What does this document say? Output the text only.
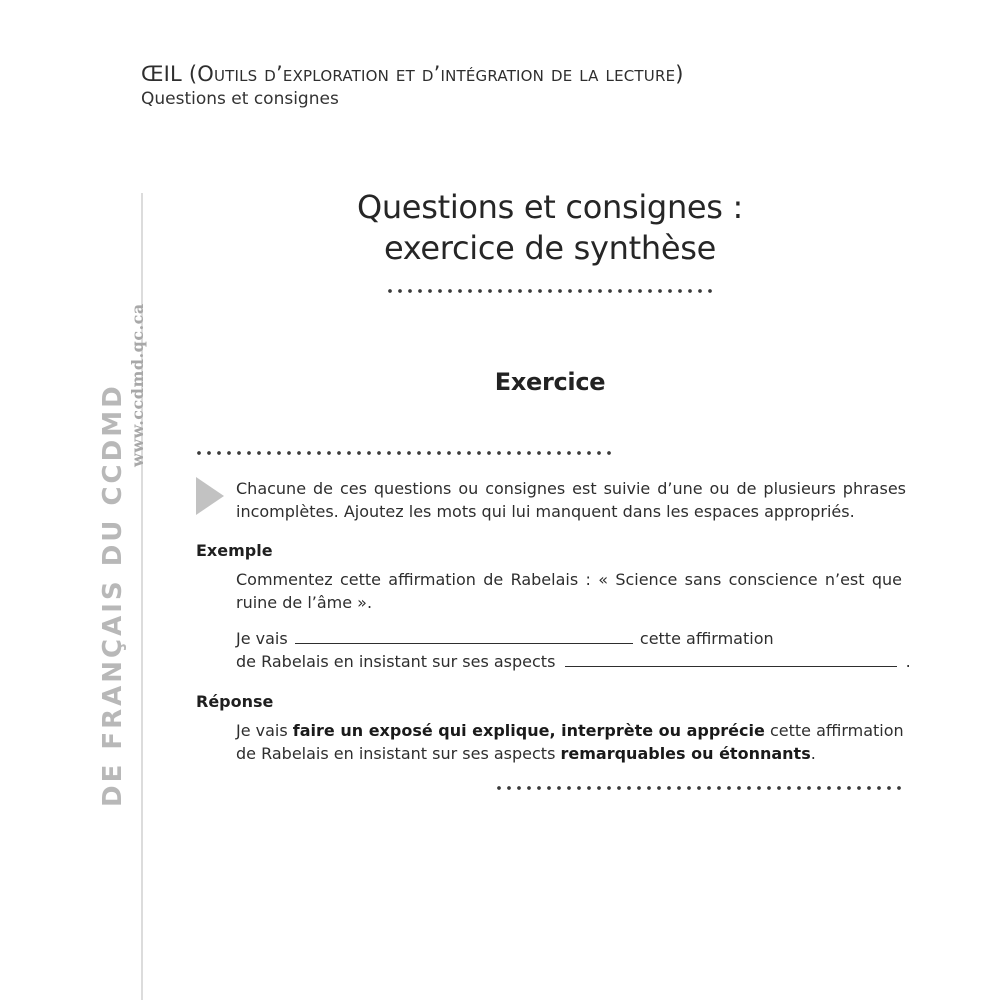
ŒIL (Outils d’exploration et d’intégration de la lecture)
Questions et consignes
www.ccdmd.qc.ca
DE FRANÇAIS DU CCDMD
Questions et consignes :
exercice de synthèse
Exercice
Chacune de ces questions ou consignes est suivie d’une ou de plusieurs phrases incomplètes. Ajoutez les mots qui lui manquent dans les espaces appropriés.
Exemple
Commentez cette affirmation de Rabelais : « Science sans conscience n’est que ruine de l’âme ».
Je vais	cette affirmation
de Rabelais en insistant sur ses aspects	.
Réponse
Je vais faire un exposé qui explique, interprète ou apprécie cette affirmation de Rabelais en insistant sur ses aspects remarquables ou étonnants.
